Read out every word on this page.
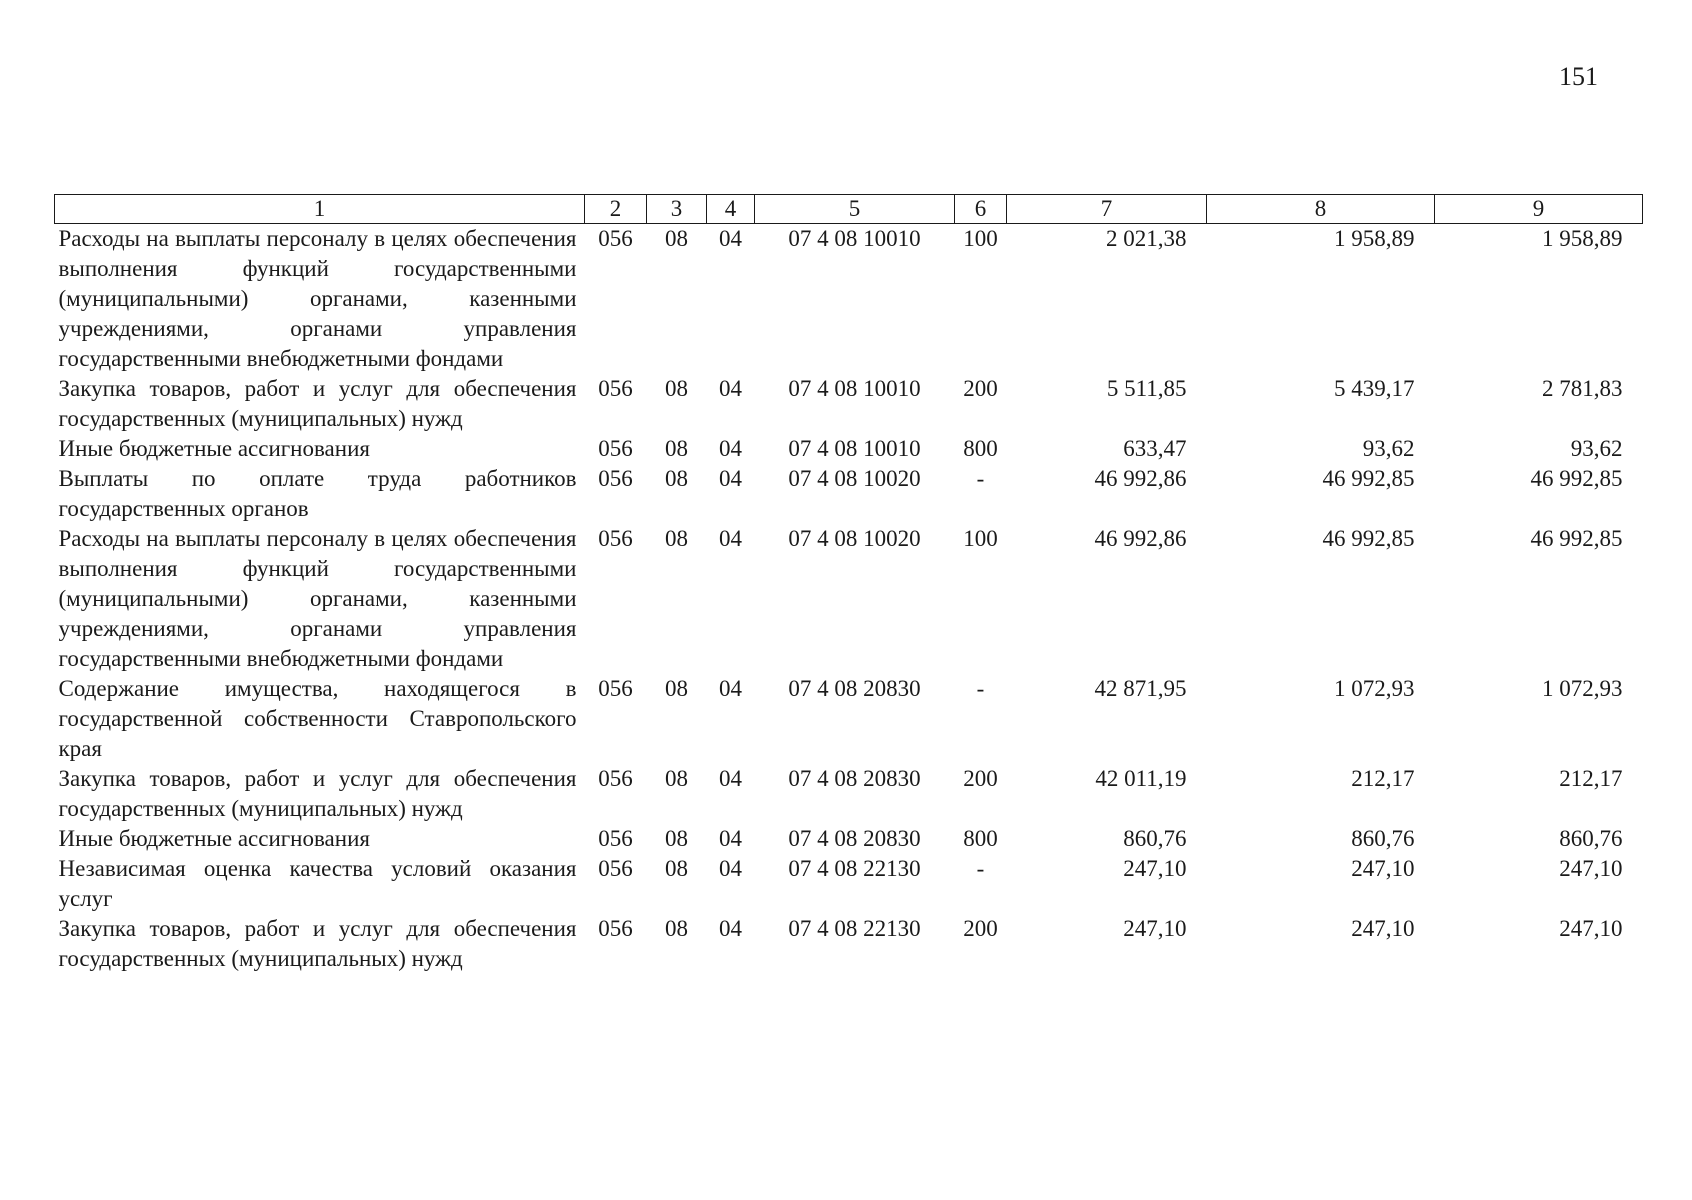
151
1	2	3	4	5	6	7	8	9
Расходы на выплаты персоналу в целях обеспечения выполнения функций государственными (муниципальными) органами, казенными учреждениями, органами управления государственными внебюджетными фондами	056	08	04	07 4 08 10010	100	2 021,38	1 958,89	1 958,89
Закупка товаров, работ и услуг для обеспечения государственных (муниципальных) нужд	056	08	04	07 4 08 10010	200	5 511,85	5 439,17	2 781,83
Иные бюджетные ассигнования	056	08	04	07 4 08 10010	800	633,47	93,62	93,62
Выплаты по оплате труда работников государственных органов	056	08	04	07 4 08 10020	-	46 992,86	46 992,85	46 992,85
Расходы на выплаты персоналу в целях обеспечения выполнения функций государственными (муниципальными) органами, казенными учреждениями, органами управления государственными внебюджетными фондами	056	08	04	07 4 08 10020	100	46 992,86	46 992,85	46 992,85
Содержание имущества, находящегося в государственной собственности Ставропольского края	056	08	04	07 4 08 20830	-	42 871,95	1 072,93	1 072,93
Закупка товаров, работ и услуг для обеспечения государственных (муниципальных) нужд	056	08	04	07 4 08 20830	200	42 011,19	212,17	212,17
Иные бюджетные ассигнования	056	08	04	07 4 08 20830	800	860,76	860,76	860,76
Независимая оценка качества условий оказания услуг	056	08	04	07 4 08 22130	-	247,10	247,10	247,10
Закупка товаров, работ и услуг для обеспечения государственных (муниципальных) нужд	056	08	04	07 4 08 22130	200	247,10	247,10	247,10
